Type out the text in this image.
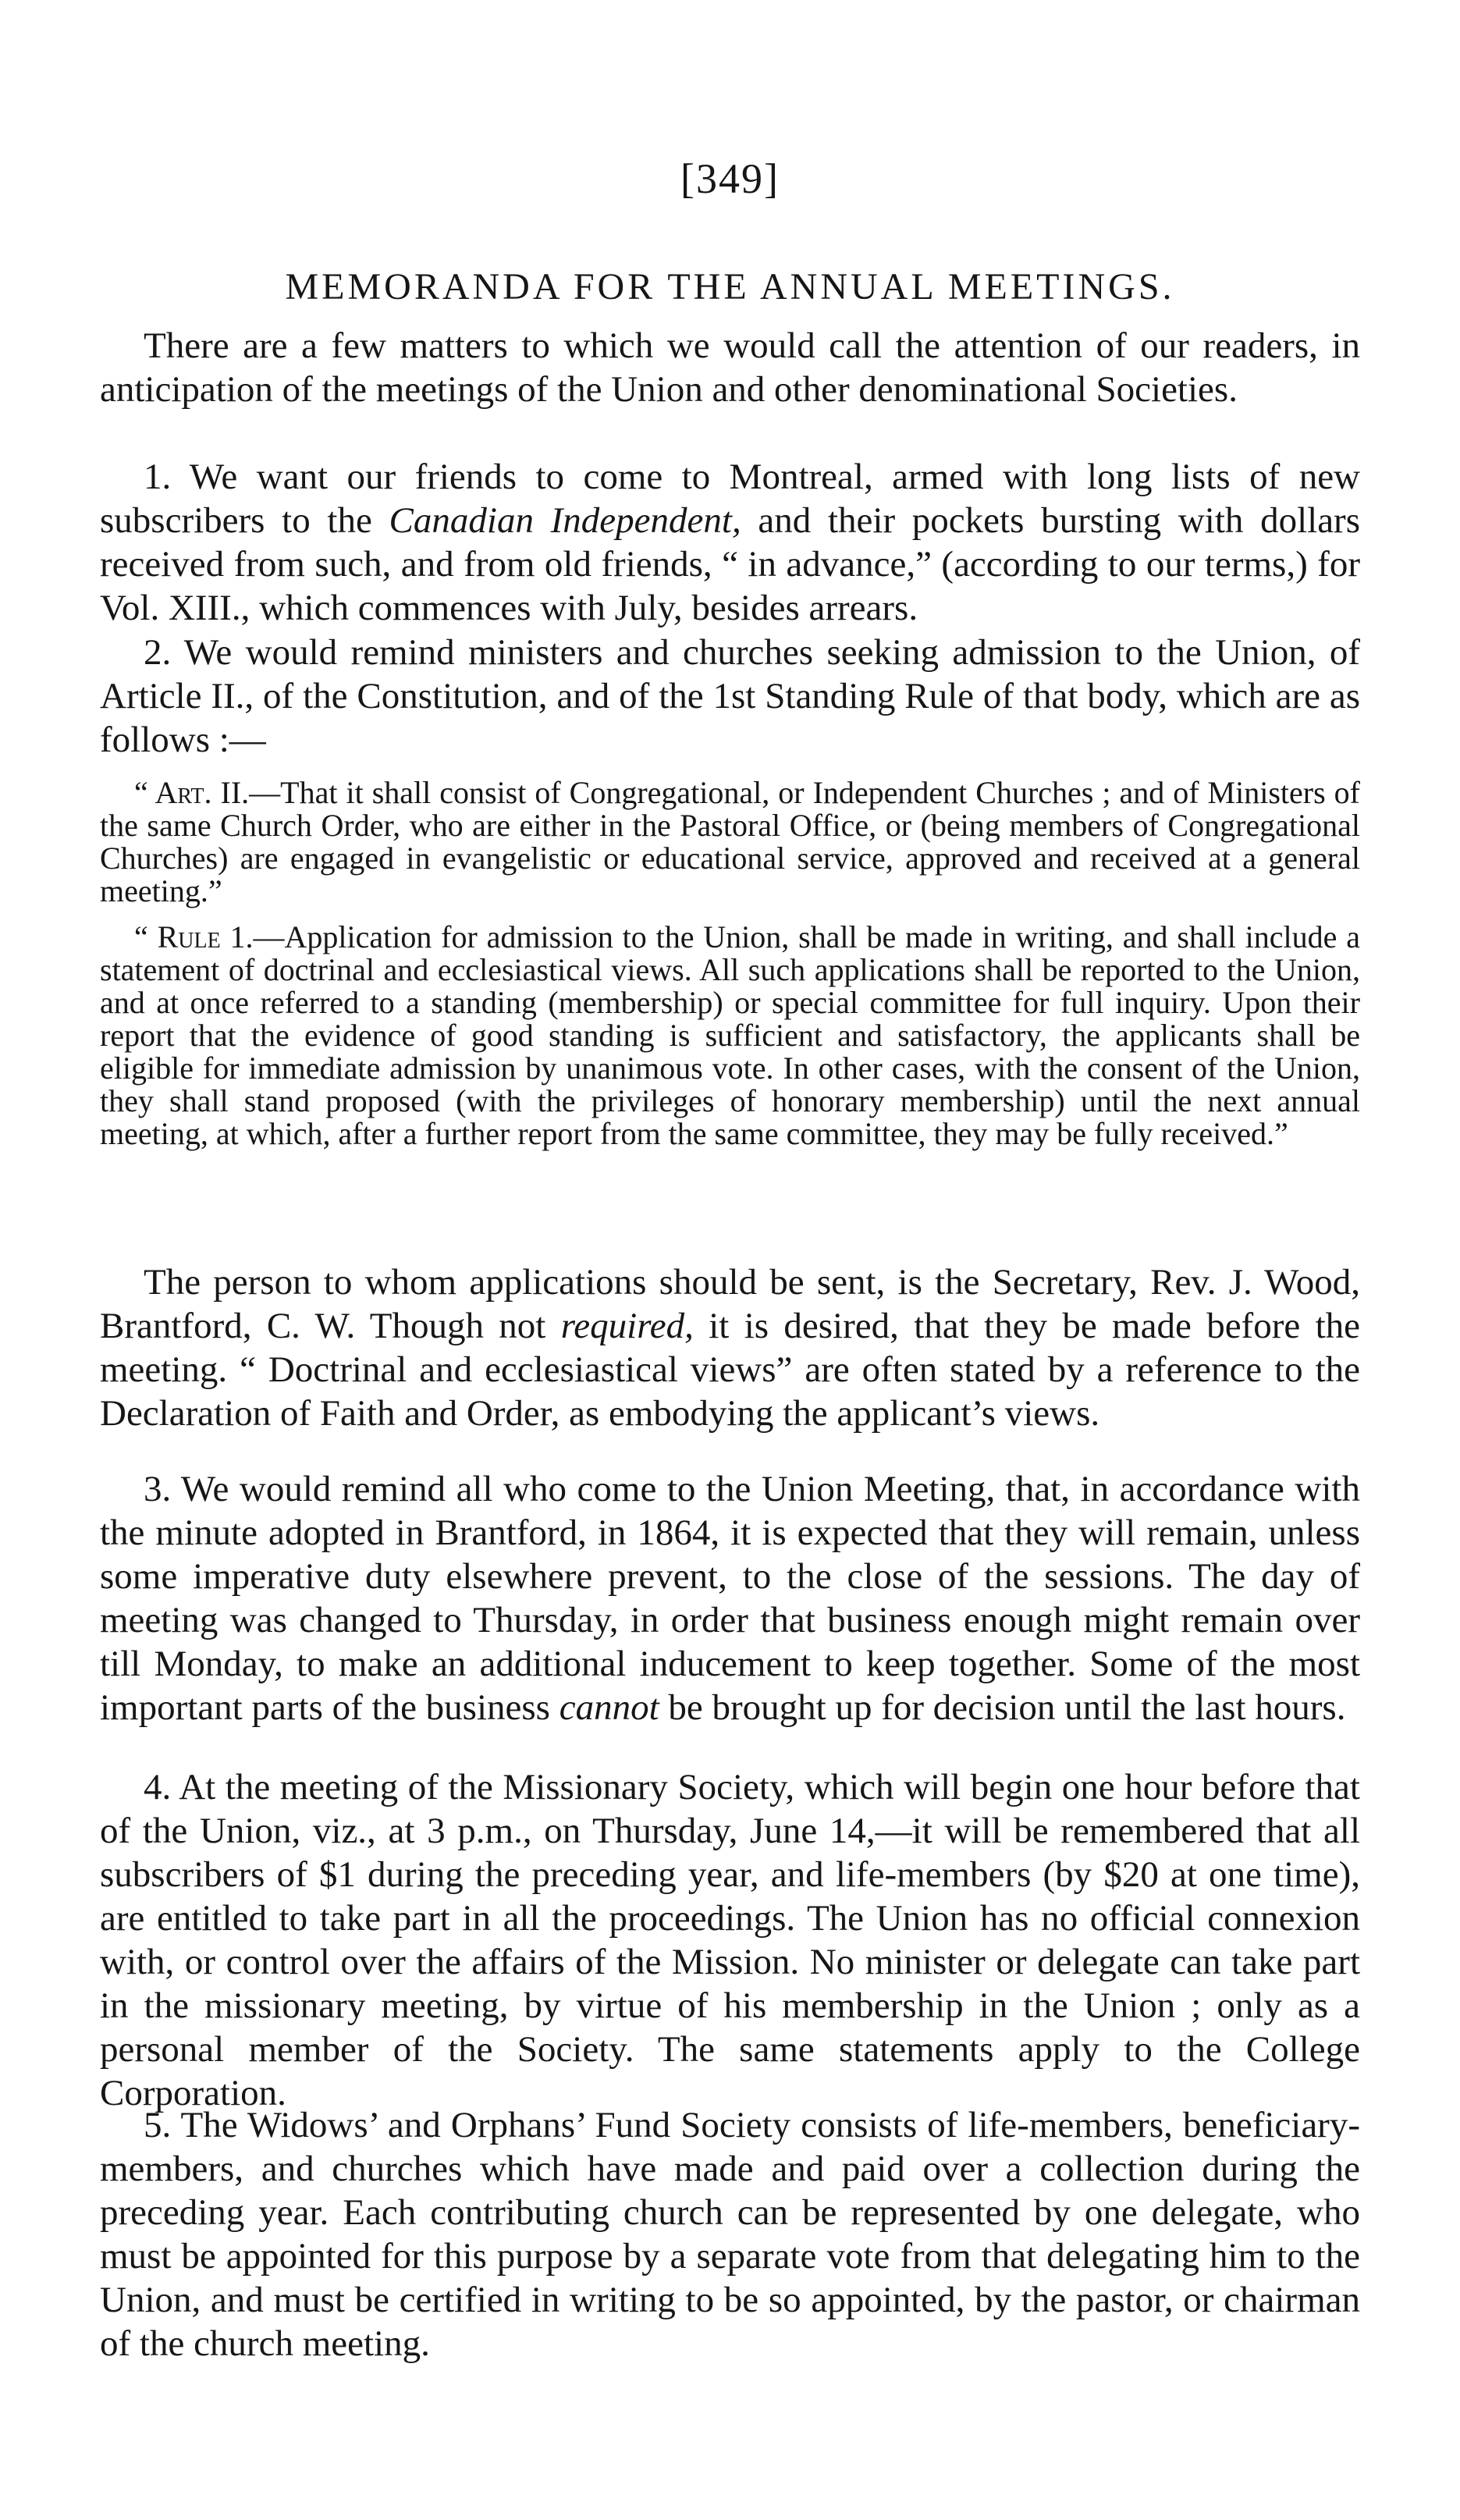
[349]
MEMORANDA FOR THE ANNUAL MEETINGS.

There are a few matters to which we would call the attention of our readers, in anticipation of the meetings of the Union and other denominational Societies.

1. We want our friends to come to Montreal, armed with long lists of new subscribers to the Canadian Independent, and their pockets bursting with dollars received from such, and from old friends, “ in advance,” (according to our terms,) for Vol. XIII., which commences with July, besides arrears.

2. We would remind ministers and churches seeking admission to the Union, of Article II., of the Constitution, and of the 1st Standing Rule of that body, which are as follows :—

“ Art. II.—That it shall consist of Congregational, or Independent Churches ; and of Ministers of the same Church Order, who are either in the Pastoral Office, or (being members of Congregational Churches) are engaged in evangelistic or educational service, approved and received at a general meeting.”

“ Rule 1.—Application for admission to the Union, shall be made in writing, and shall include a statement of doctrinal and ecclesiastical views. All such applications shall be reported to the Union, and at once referred to a standing (membership) or special committee for full inquiry. Upon their report that the evidence of good standing is sufficient and satisfactory, the applicants shall be eligible for immediate admission by unanimous vote. In other cases, with the consent of the Union, they shall stand proposed (with the privileges of honorary membership) until the next annual meeting, at which, after a further report from the same committee, they may be fully received.”

The person to whom applications should be sent, is the Secretary, Rev. J. Wood, Brantford, C. W. Though not required, it is desired, that they be made before the meeting. “ Doctrinal and ecclesiastical views” are often stated by a reference to the Declaration of Faith and Order, as embodying the applicant’s views.

3. We would remind all who come to the Union Meeting, that, in accordance with the minute adopted in Brantford, in 1864, it is expected that they will remain, unless some imperative duty elsewhere prevent, to the close of the sessions. The day of meeting was changed to Thursday, in order that business enough might remain over till Monday, to make an additional inducement to keep together. Some of the most important parts of the business cannot be brought up for decision until the last hours.

4. At the meeting of the Missionary Society, which will begin one hour before that of the Union, viz., at 3 p.m., on Thursday, June 14,—it will be remembered that all subscribers of $1 during the preceding year, and life-members (by $20 at one time), are entitled to take part in all the proceedings. The Union has no official connexion with, or control over the affairs of the Mission. No minister or delegate can take part in the missionary meeting, by virtue of his membership in the Union ; only as a personal member of the Society. The same statements apply to the College Corporation.

5. The Widows’ and Orphans’ Fund Society consists of life-members, beneficiary-members, and churches which have made and paid over a collection during the preceding year. Each contributing church can be represented by one delegate, who must be appointed for this purpose by a separate vote from that delegating him to the Union, and must be certified in writing to be so appointed, by the pastor, or chairman of the church meeting.
